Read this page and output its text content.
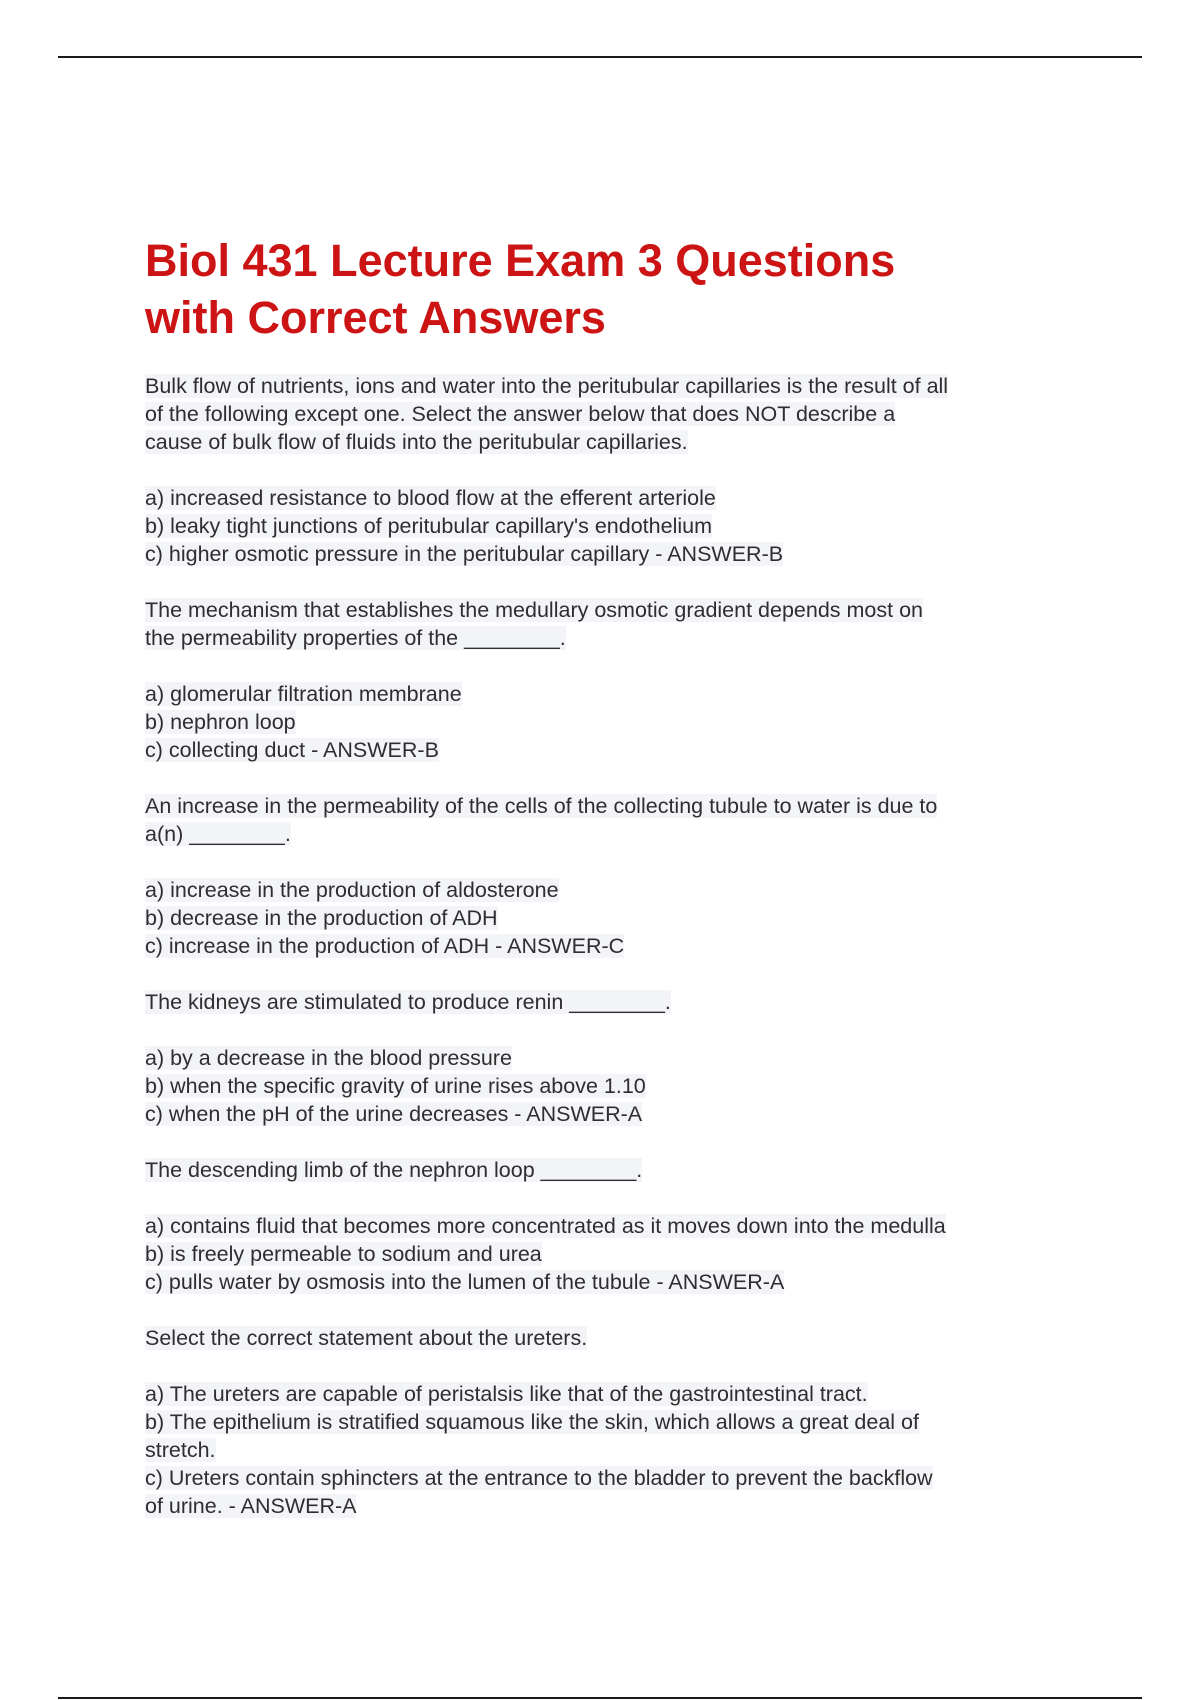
Biol 431 Lecture Exam 3 Questions
with Correct Answers
Bulk flow of nutrients, ions and water into the peritubular capillaries is the result of all
of the following except one. Select the answer below that does NOT describe a
cause of bulk flow of fluids into the peritubular capillaries.
a) increased resistance to blood flow at the efferent arteriole
b) leaky tight junctions of peritubular capillary's endothelium
c) higher osmotic pressure in the peritubular capillary - ANSWER-B
The mechanism that establishes the medullary osmotic gradient depends most on
the permeability properties of the ________.
a) glomerular filtration membrane
b) nephron loop
c) collecting duct - ANSWER-B
An increase in the permeability of the cells of the collecting tubule to water is due to
a(n) ________.
a) increase in the production of aldosterone
b) decrease in the production of ADH
c) increase in the production of ADH - ANSWER-C
The kidneys are stimulated to produce renin ________.
a) by a decrease in the blood pressure
b) when the specific gravity of urine rises above 1.10
c) when the pH of the urine decreases - ANSWER-A
The descending limb of the nephron loop ________.
a) contains fluid that becomes more concentrated as it moves down into the medulla
b) is freely permeable to sodium and urea
c) pulls water by osmosis into the lumen of the tubule - ANSWER-A
Select the correct statement about the ureters.
a) The ureters are capable of peristalsis like that of the gastrointestinal tract.
b) The epithelium is stratified squamous like the skin, which allows a great deal of
stretch.
c) Ureters contain sphincters at the entrance to the bladder to prevent the backflow
of urine. - ANSWER-A
